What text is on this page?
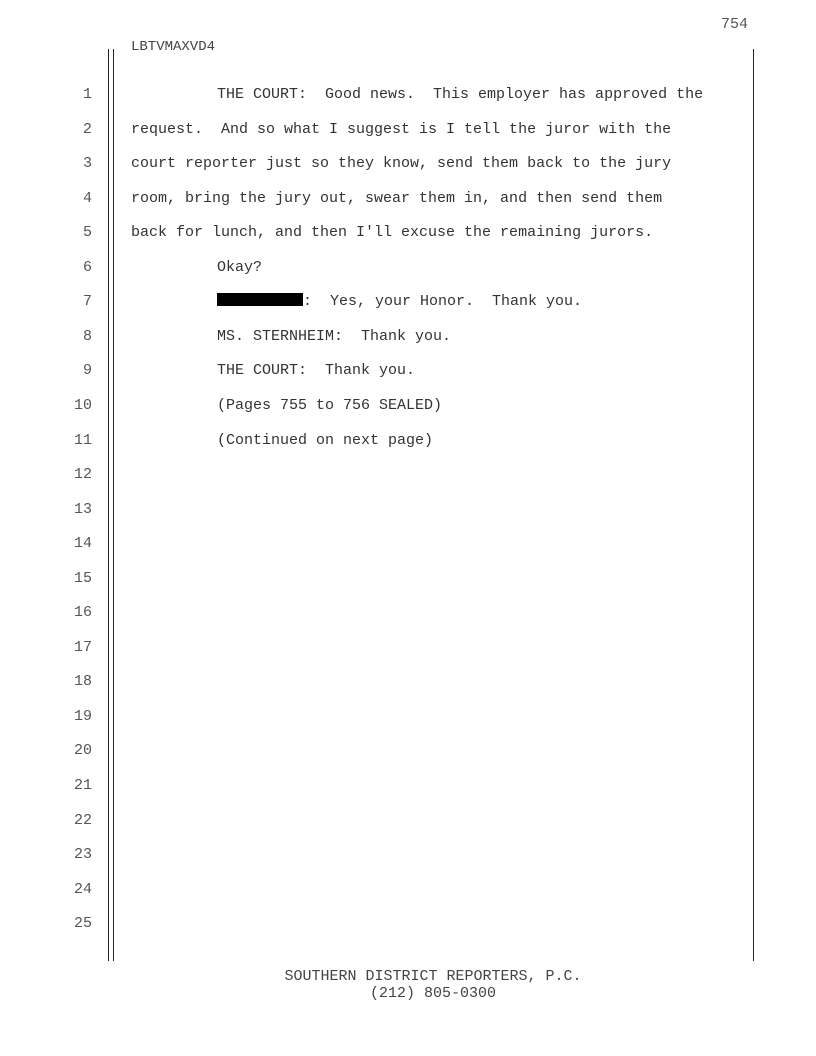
754
LBTVMAXVD4
1	THE COURT:  Good news.  This employer has approved the
2	request.  And so what I suggest is I tell the juror with the
3	court reporter just so they know, send them back to the jury
4	room, bring the jury out, swear them in, and then send them
5	back for lunch, and then I'll excuse the remaining jurors.
6	Okay?
7	:  Yes, your Honor.  Thank you.
8	MS. STERNHEIM:  Thank you.
9	THE COURT:  Thank you.
10	(Pages 755 to 756 SEALED)
11	(Continued on next page)
12
13
14
15
16
17
18
19
20
21
22
23
24
25
SOUTHERN DISTRICT REPORTERS, P.C.
(212) 805-0300
